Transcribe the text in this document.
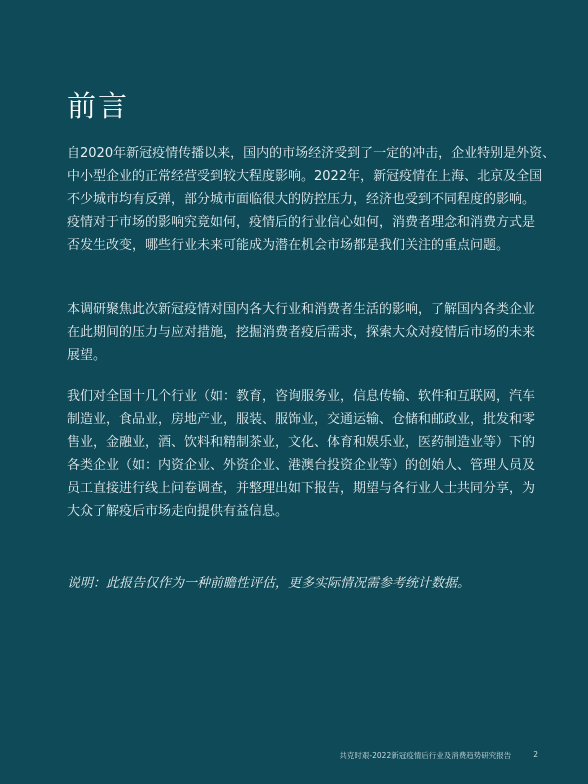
前言

自2020年新冠疫情传播以来，国内的市场经济受到了一定的冲击，企业特别是外资、
中小型企业的正常经营受到较大程度影响。2022年，新冠疫情在上海、北京及全国
不少城市均有反弹，部分城市面临很大的防控压力，经济也受到不同程度的影响。
疫情对于市场的影响究竟如何，疫情后的行业信心如何，消费者理念和消费方式是
否发生改变，哪些行业未来可能成为潜在机会市场都是我们关注的重点问题。

本调研聚焦此次新冠疫情对国内各大行业和消费者生活的影响，了解国内各类企业
在此期间的压力与应对措施，挖掘消费者疫后需求，探索大众对疫情后市场的未来
展望。

我们对全国十几个行业（如：教育，咨询服务业，信息传输、软件和互联网，汽车
制造业，食品业，房地产业，服装、服饰业，交通运输、仓储和邮政业，批发和零
售业，金融业，酒、饮料和精制茶业，文化、体育和娱乐业，医药制造业等）下的
各类企业（如：内资企业、外资企业、港澳台投资企业等）的创始人、管理人员及
员工直接进行线上问卷调查，并整理出如下报告，期望与各行业人士共同分享，为
大众了解疫后市场走向提供有益信息。

说明：此报告仅作为一种前瞻性评估，更多实际情况需参考统计数据。

共克时艰-2022新冠疫情后行业及消费趋势研究报告	2
